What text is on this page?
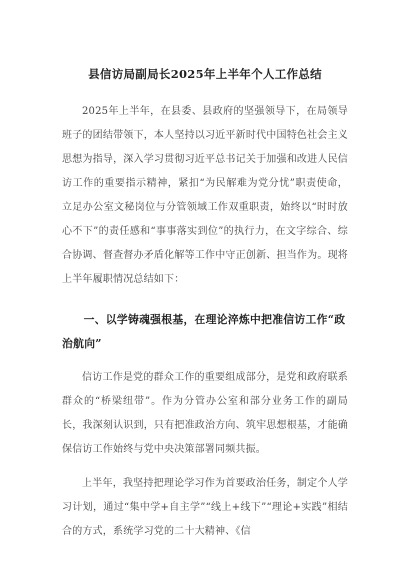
县信访局副局长2025年上半年个人工作总结

2025年上半年，在县委、县政府的坚强领导下，在局领导班子的团结带领下，本人坚持以习近平新时代中国特色社会主义思想为指导，深入学习贯彻习近平总书记关于加强和改进人民信访工作的重要指示精神，紧扣“为民解难为党分忧”职责使命，立足办公室文秘岗位与分管领域工作双重职责，始终以“时时放心不下”的责任感和“事事落实到位”的执行力，在文字综合、综合协调、督查督办矛盾化解等工作中守正创新、担当作为。现将上半年履职情况总结如下：

一、以学铸魂强根基，在理论淬炼中把准信访工作“政治航向”

信访工作是党的群众工作的重要组成部分，是党和政府联系群众的“桥梁纽带”。作为分管办公室和部分业务工作的副局长，我深刻认识到，只有把准政治方向、筑牢思想根基，才能确保信访工作始终与党中央决策部署同频共振。

上半年，我坚持把理论学习作为首要政治任务，制定个人学习计划，通过“集中学+自主学”“线上+线下”“理论+实践”相结合的方式，系统学习党的二十大精神、《信
